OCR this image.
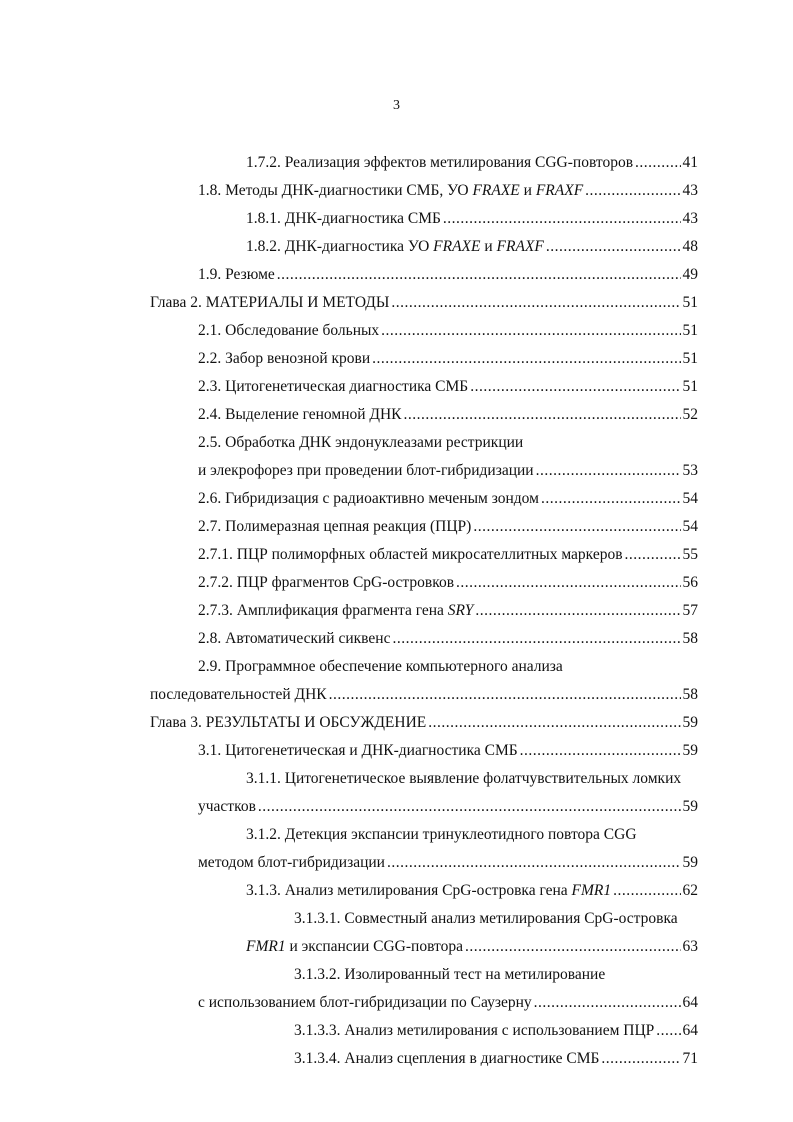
3
1.7.2. Реализация эффектов метилирования CGG-повторов .....	41
1.8. Методы ДНК-диагностики СМБ, УО FRAXE и FRAXF .....	43
1.8.1. ДНК-диагностика СМБ .....	43
1.8.2. ДНК-диагностика УО FRAXE и FRAXF .....	48
1.9. Резюме .....	49
Глава 2. МАТЕРИАЛЫ И МЕТОДЫ .....	51
2.1. Обследование больных .....	51
2.2. Забор венозной крови .....	51
2.3. Цитогенетическая диагностика СМБ .....	51
2.4. Выделение геномной ДНК .....	52
2.5. Обработка ДНК эндонуклеазами рестрикции
и элекрофорез при проведении блот-гибридизации .....	53
2.6. Гибридизация с радиоактивно меченым зондом .....	54
2.7. Полимеразная цепная реакция (ПЦР) .....	54
2.7.1. ПЦР полиморфных областей микросателлитных маркеров .....	55
2.7.2. ПЦР фрагментов CpG-островков .....	56
2.7.3. Амплификация фрагмента гена SRY .....	57
2.8. Автоматический сиквенс .....	58
2.9. Программное обеспечение компьютерного анализа
последовательностей ДНК .....	58
Глава 3. РЕЗУЛЬТАТЫ И ОБСУЖДЕНИЕ .....	59
3.1. Цитогенетическая и ДНК-диагностика СМБ .....	59
3.1.1. Цитогенетическое выявление фолатчувствительных ломких
участков .....	59
3.1.2. Детекция экспансии тринуклеотидного повтора CGG
методом блот-гибридизации .....	59
3.1.3. Анализ метилирования CpG-островка гена FMR1 .....	62
3.1.3.1. Совместный анализ метилирования CpG-островка
FMR1 и экспансии CGG-повтора .....	63
3.1.3.2. Изолированный тест на метилирование
с использованием блот-гибридизации по Саузерну .....	64
3.1.3.3. Анализ метилирования с использованием ПЦР ..... 64
3.1.3.4. Анализ сцепления в диагностике СМБ .....	71
